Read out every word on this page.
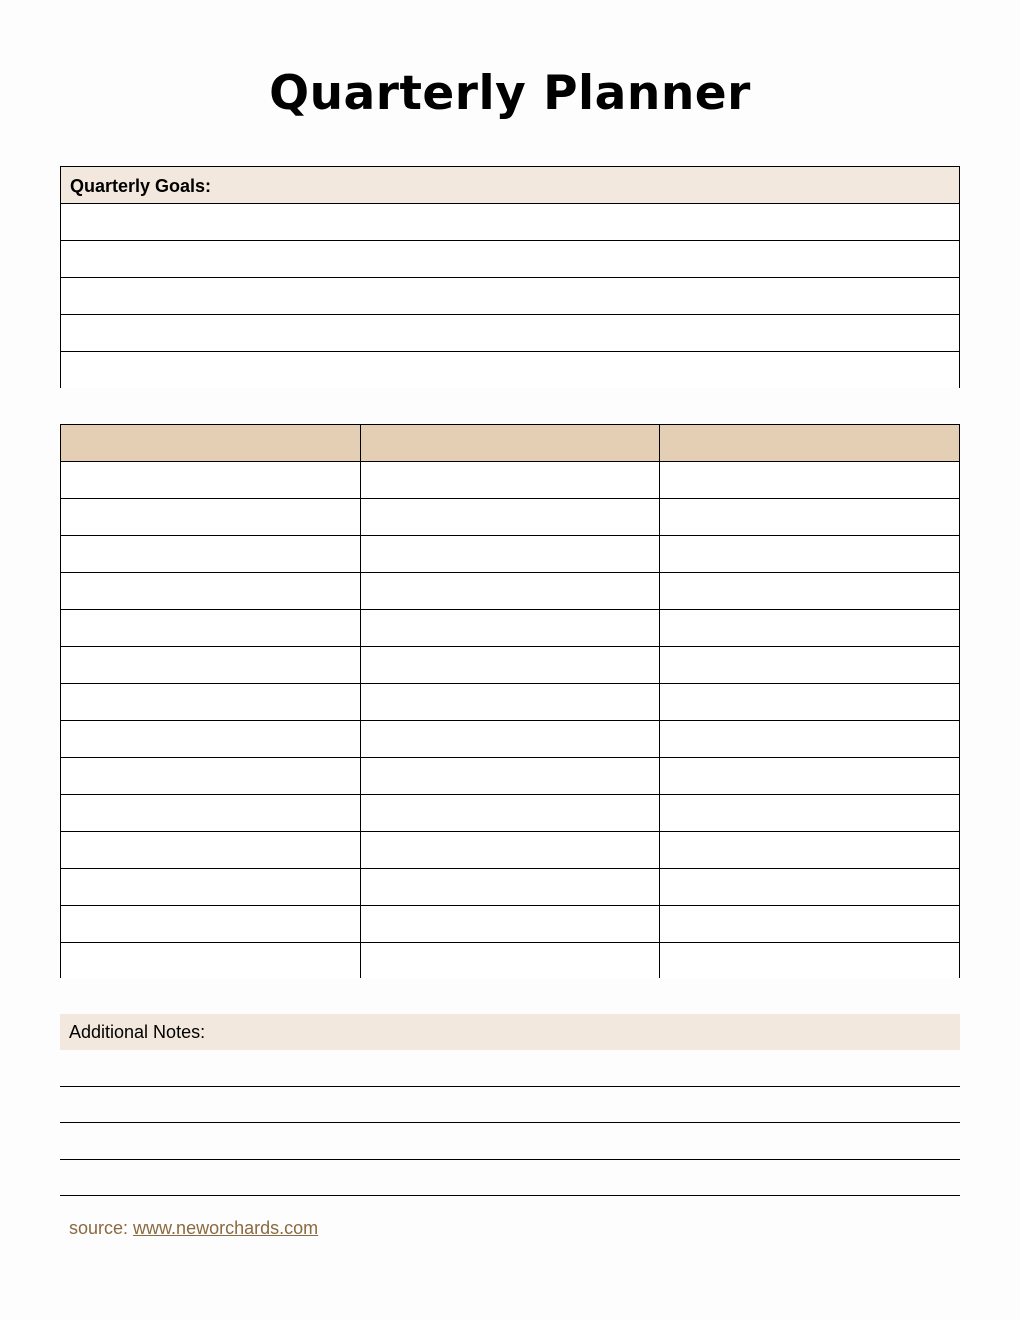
Quarterly Planner
Quarterly Goals:
Additional Notes:
source: www.neworchards.com
